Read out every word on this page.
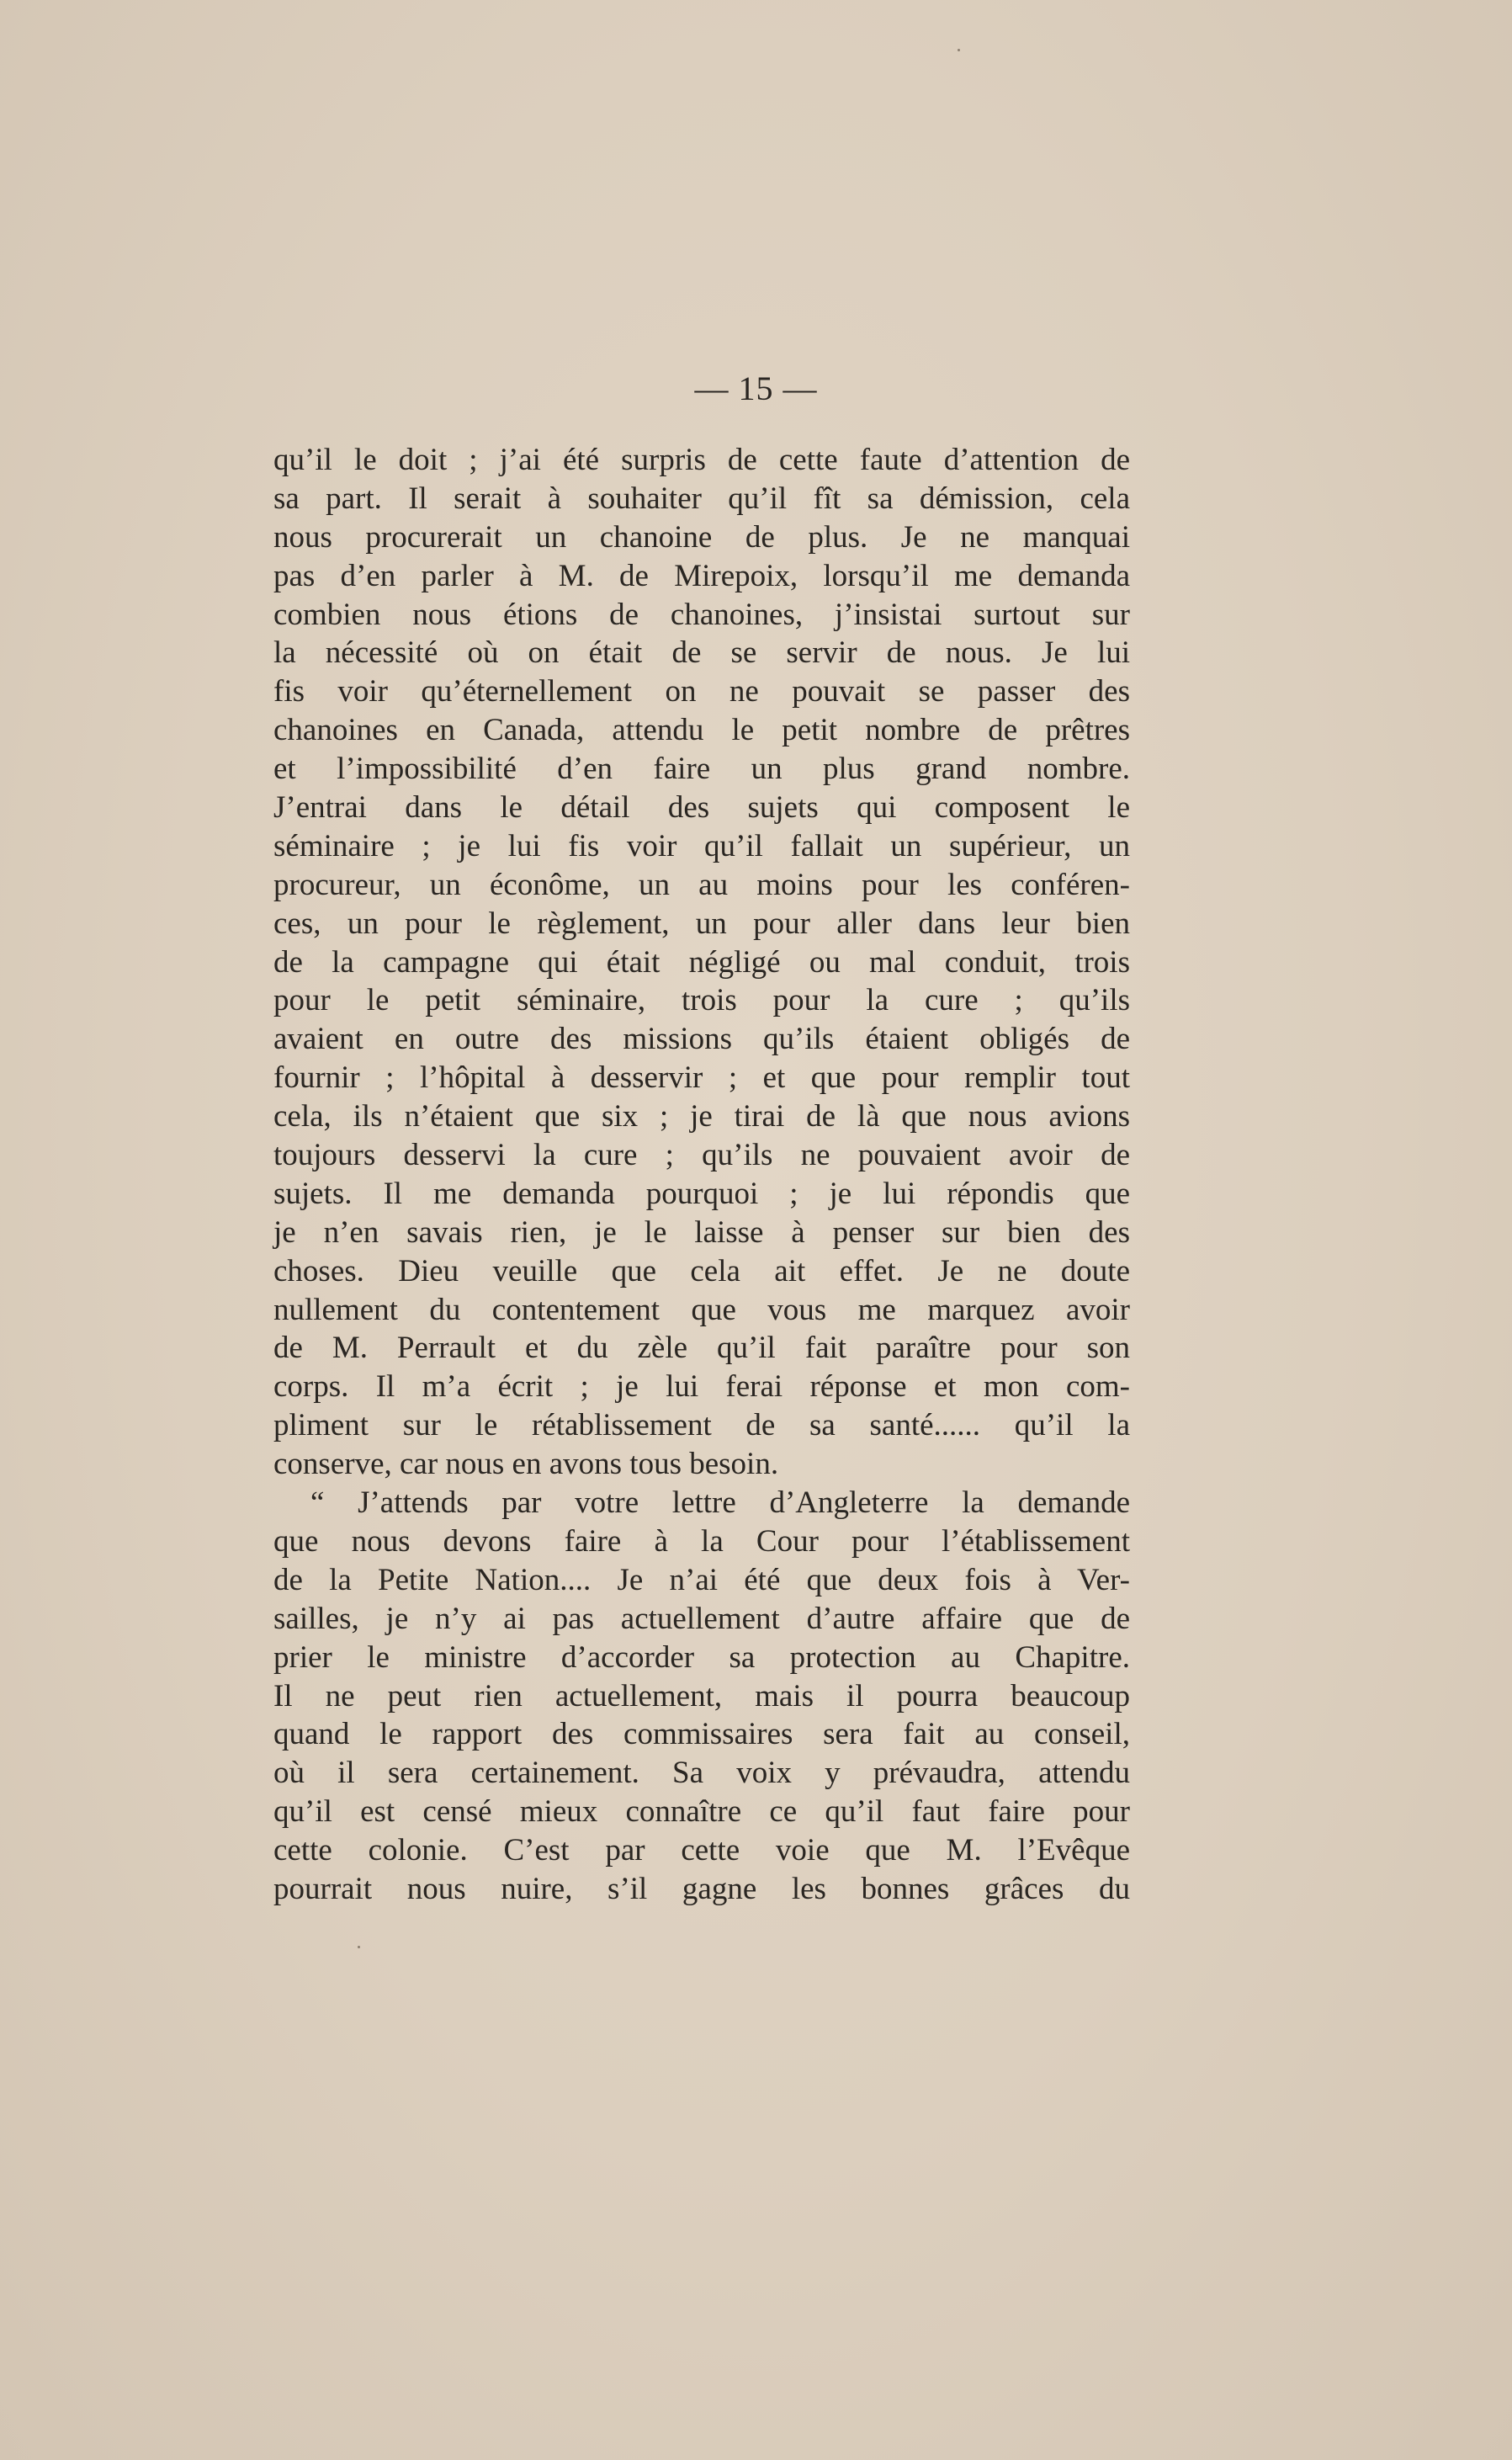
— 15 —
qu’il le doit ; j’ai été surpris de cette faute d’attention de
sa part. Il serait à souhaiter qu’il fît sa démission, cela
nous procurerait un chanoine de plus. Je ne manquai
pas d’en parler à M. de Mirepoix, lorsqu’il me demanda
combien nous étions de chanoines, j’insistai surtout sur
la nécessité où on était de se servir de nous. Je lui
fis voir qu’éternellement on ne pouvait se passer des
chanoines en Canada, attendu le petit nombre de prêtres
et l’impossibilité d’en faire un plus grand nombre.
J’entrai dans le détail des sujets qui composent le
séminaire ; je lui fis voir qu’il fallait un supérieur, un
procureur, un éconôme, un au moins pour les conféren-
ces, un pour le règlement, un pour aller dans leur bien
de la campagne qui était négligé ou mal conduit, trois
pour le petit séminaire, trois pour la cure ; qu’ils
avaient en outre des missions qu’ils étaient obligés de
fournir ; l’hôpital à desservir ; et que pour remplir tout
cela, ils n’étaient que six ; je tirai de là que nous avions
toujours desservi la cure ; qu’ils ne pouvaient avoir de
sujets. Il me demanda pourquoi ; je lui répondis que
je n’en savais rien, je le laisse à penser sur bien des
choses. Dieu veuille que cela ait effet. Je ne doute
nullement du contentement que vous me marquez avoir
de M. Perrault et du zèle qu’il fait paraître pour son
corps. Il m’a écrit ; je lui ferai réponse et mon com-
pliment sur le rétablissement de sa santé...... qu’il la
conserve, car nous en avons tous besoin.
“ J’attends par votre lettre d’Angleterre la demande
que nous devons faire à la Cour pour l’établissement
de la Petite Nation.... Je n’ai été que deux fois à Ver-
sailles, je n’y ai pas actuellement d’autre affaire que de
prier le ministre d’accorder sa protection au Chapitre.
Il ne peut rien actuellement, mais il pourra beaucoup
quand le rapport des commissaires sera fait au conseil,
où il sera certainement. Sa voix y prévaudra, attendu
qu’il est censé mieux connaître ce qu’il faut faire pour
cette colonie. C’est par cette voie que M. l’Evêque
pourrait nous nuire, s’il gagne les bonnes grâces du
